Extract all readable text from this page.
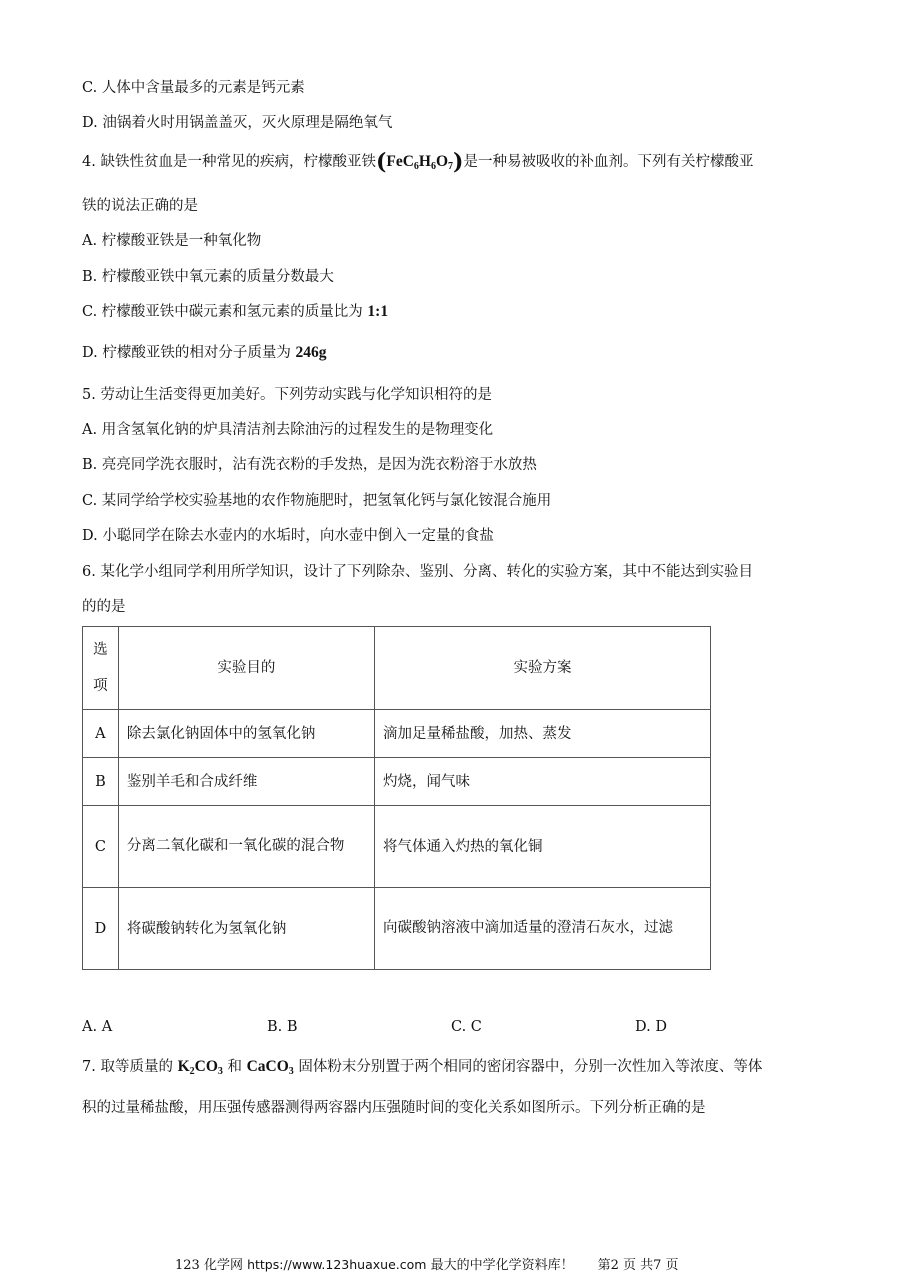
C. 人体中含量最多的元素是钙元素
D. 油锅着火时用锅盖盖灭，灭火原理是隔绝氧气
4. 缺铁性贫血是一种常见的疾病，柠檬酸亚铁$(FeC_6H_6O_7)$是一种易被吸收的补血剂。下列有关柠檬酸亚
铁的说法正确的是
A. 柠檬酸亚铁是一种氧化物
B. 柠檬酸亚铁中氧元素的质量分数最大
C. 柠檬酸亚铁中碳元素和氢元素的质量比为 1:1
D. 柠檬酸亚铁的相对分子质量为 246g
5. 劳动让生活变得更加美好。下列劳动实践与化学知识相符的是
A. 用含氢氧化钠的炉具清洁剂去除油污的过程发生的是物理变化
B. 亮亮同学洗衣服时，沾有洗衣粉的手发热，是因为洗衣粉溶于水放热
C. 某同学给学校实验基地的农作物施肥时，把氢氧化钙与氯化铵混合施用
D. 小聪同学在除去水壶内的水垢时，向水壶中倒入一定量的食盐
6. 某化学小组同学利用所学知识，设计了下列除杂、鉴别、分离、转化的实验方案，其中不能达到实验目
的的是
选
项	实验目的	实验方案
A	除去氯化钠固体中的氢氧化钠	滴加足量稀盐酸，加热、蒸发
B	鉴别羊毛和合成纤维	灼烧，闻气味
C	分离二氧化碳和一氧化碳的混合物	将气体通入灼热的氧化铜
D	将碳酸钠转化为氢氧化钠	向碳酸钠溶液中滴加适量的澄清石灰水，过滤
A. A	B. B	C. C	D. D
7. 取等质量的 $K_2CO_3$ 和 CaCO$_3$ 固体粉末分别置于两个相同的密闭容器中，分别一次性加入等浓度、等体
积的过量稀盐酸，用压强传感器测得两容器内压强随时间的变化关系如图所示。下列分析正确的是
123 化学网 https://www.123huaxue.com 最大的中学化学资料库！ 第2 页 共7 页
